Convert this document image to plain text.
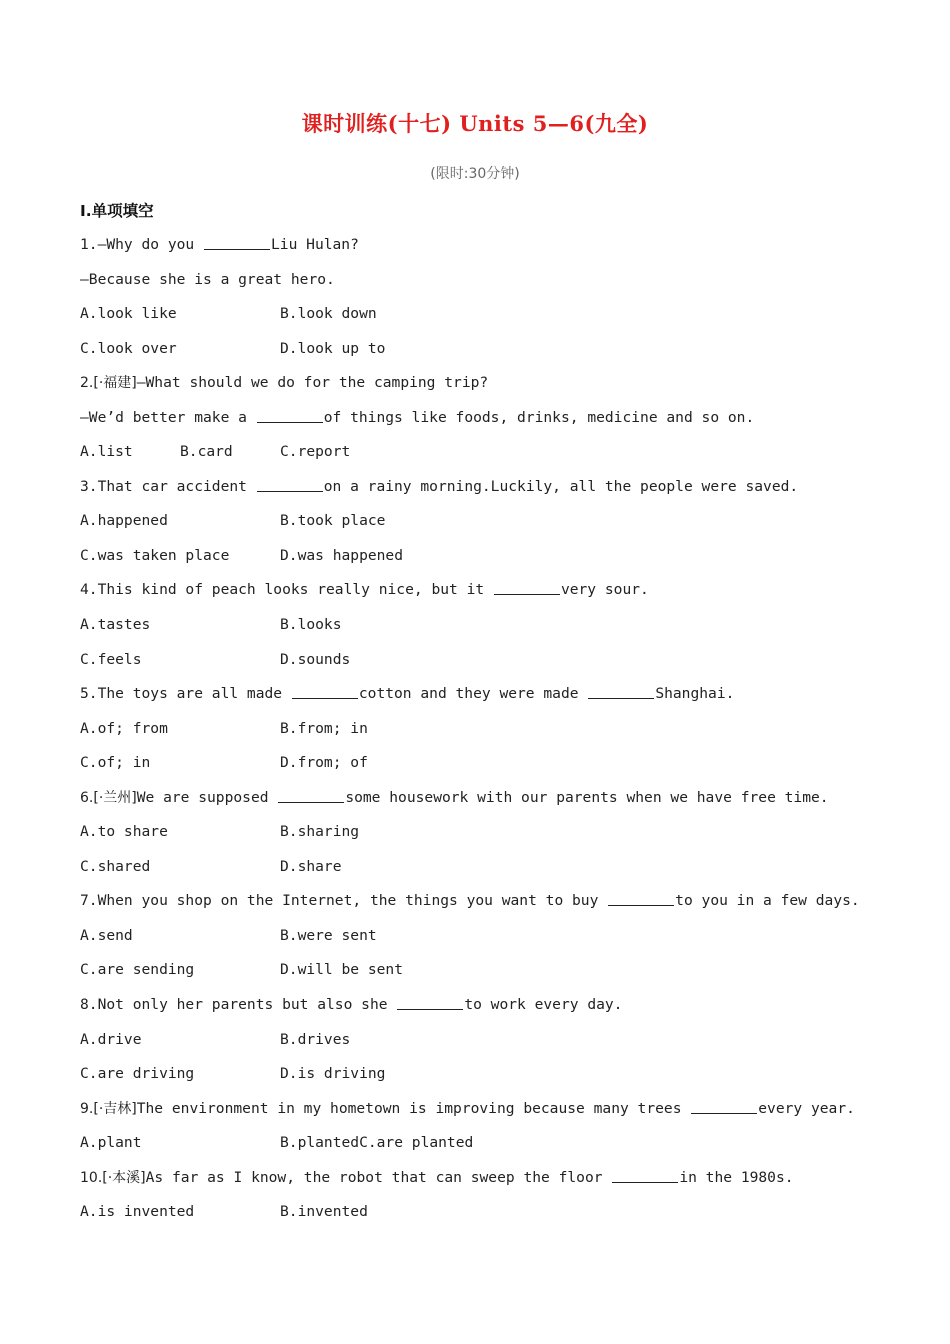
课时训练(十七) Units 5—6(九全)
(限时:30分钟)
Ⅰ.单项填空
1.—Why do you	Liu Hulan?
—Because she is a great hero.
A.look like	B.look down
C.look over	D.look up to
2.[·福建]—What should we do for the camping trip?
—We’d better make a	of things like foods, drinks, medicine and so on.
A.list	B.card	C.report
3.That car accident	on a rainy morning.Luckily, all the people were saved.
A.happened	B.took place
C.was taken place	D.was happened
4.This kind of peach looks really nice, but it	very sour.
A.tastes	B.looks
C.feels	D.sounds
5.The toys are all made	cotton and they were made	Shanghai.
A.of; from	B.from; in
C.of; in	D.from; of
6.[·兰州]We are supposed	some housework with our parents when we have free time.
A.to share	B.sharing
C.shared	D.share
7.When you shop on the Internet, the things you want to buy	to you in a few days.
A.send	B.were sent
C.are sending	D.will be sent
8.Not only her parents but also she	to work every day.
A.drive	B.drives
C.are driving	D.is driving
9.[·吉林]The environment in my hometown is improving because many trees	every year.
A.plant	B.plantedC.are planted
10.[·本溪]As far as I know, the robot that can sweep the floor	in the 1980s.
A.is invented	B.invented
